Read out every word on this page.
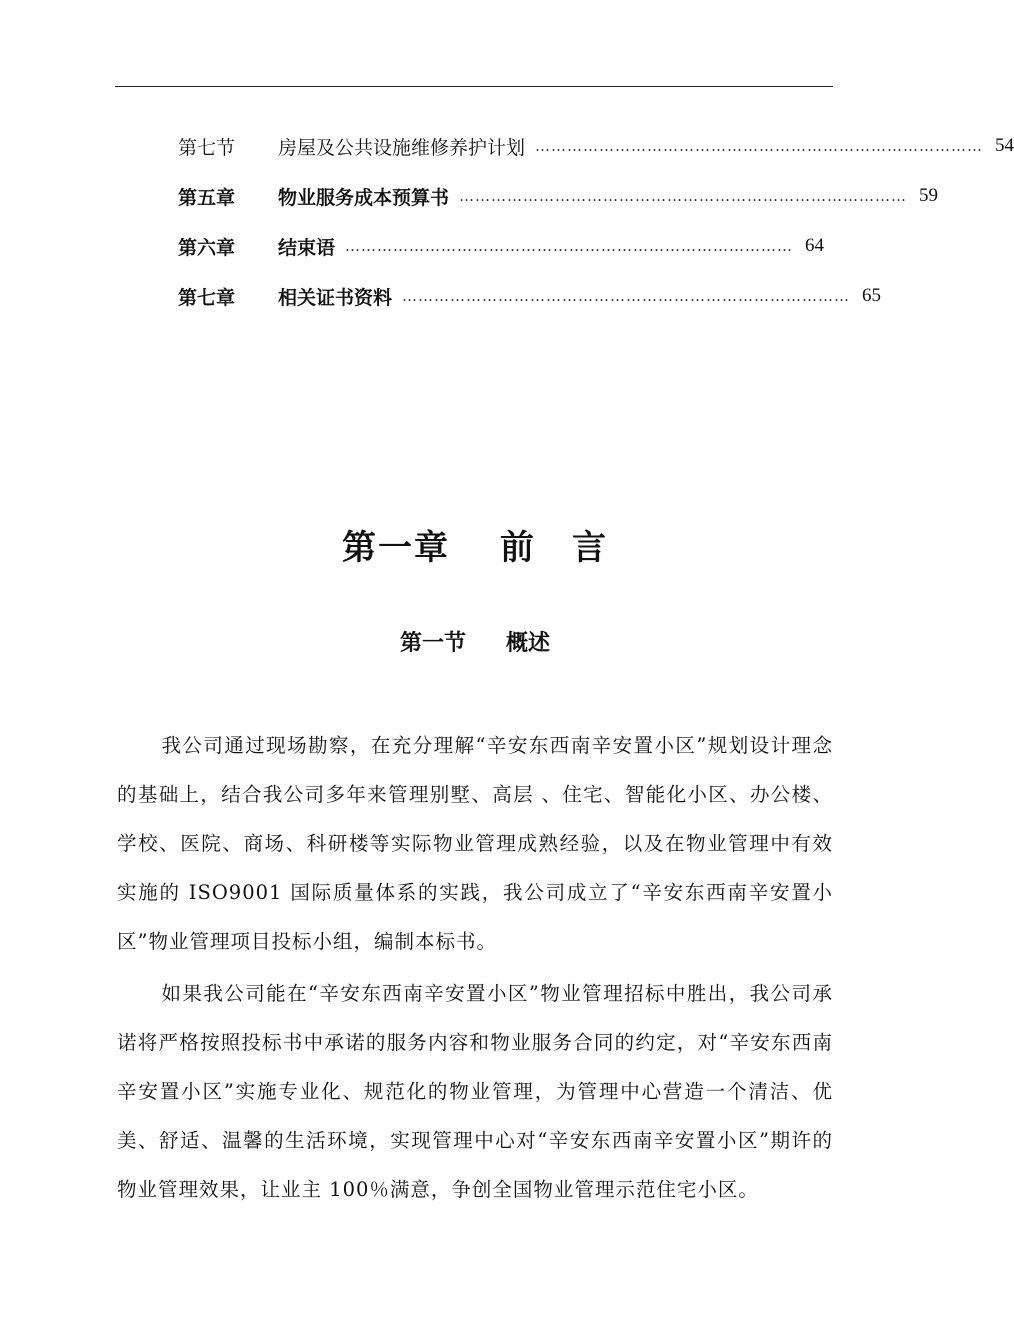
第七节	房屋及公共设施维修养护计划 ………………………………………………………………………… 54
第五章	物业服务成本预算书 ………………………………………………………………………… 59
第六章	结束语 ………………………………………………………………………… 64
第七章	相关证书资料 ………………………………………………………………………… 65
第一章 前　言
第一节 概述

我公司通过现场勘察，在充分理解“辛安东西南辛安置小区”规划设计理念的基础上，结合我公司多年来管理别墅、高层 、住宅、智能化小区、办公楼、学校、医院、商场、科研楼等实际物业管理成熟经验，以及在物业管理中有效实施的 ISO9001 国际质量体系的实践，我公司成立了“辛安东西南辛安置小区”物业管理项目投标小组，编制本标书。

如果我公司能在“辛安东西南辛安置小区”物业管理招标中胜出，我公司承诺将严格按照投标书中承诺的服务内容和物业服务合同的约定，对“辛安东西南辛安置小区”实施专业化、规范化的物业管理，为管理中心营造一个清洁、优美、舒适、温馨的生活环境，实现管理中心对“辛安东西南辛安置小区”期许的物业管理效果，让业主 100％满意，争创全国物业管理示范住宅小区。
